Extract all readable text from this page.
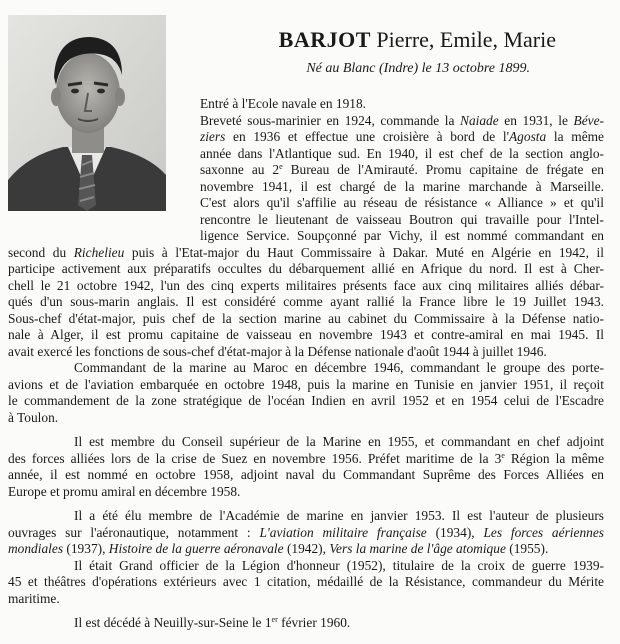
BARJOT Pierre, Emile, Marie
Né au Blanc (Indre) le 13 octobre 1899.
Entré à l'Ecole navale en 1918.
Breveté sous-marinier en 1924, commande la Naiade en 1931, le Béve-
ziers en 1936 et effectue une croisière à bord de l'Agosta la même
année dans l'Atlantique sud. En 1940, il est chef de la section anglo-
saxonne au 2e Bureau de l'Amirauté. Promu capitaine de frégate en
novembre 1941, il est chargé de la marine marchande à Marseille.
C'est alors qu'il s'affilie au réseau de résistance « Alliance » et qu'il
rencontre le lieutenant de vaisseau Boutron qui travaille pour l'Intel-
ligence Service. Soupçonné par Vichy, il est nommé commandant en
second du Richelieu puis à l'Etat-major du Haut Commissaire à Dakar. Muté en Algérie en 1942, il
participe activement aux préparatifs occultes du débarquement allié en Afrique du nord. Il est à Cher-
chell le 21 octobre 1942, l'un des cinq experts militaires présents face aux cinq militaires alliés débar-
qués d'un sous-marin anglais. Il est considéré comme ayant rallié la France libre le 19 Juillet 1943.
Sous-chef d'état-major, puis chef de la section marine au cabinet du Commissaire à la Défense natio-
nale à Alger, il est promu capitaine de vaisseau en novembre 1943 et contre-amiral en mai 1945. Il
avait exercé les fonctions de sous-chef d'état-major à la Défense nationale d'août 1944 à juillet 1946.
Commandant de la marine au Maroc en décembre 1946, commandant le groupe des porte-
avions et de l'aviation embarquée en octobre 1948, puis la marine en Tunisie en janvier 1951, il reçoit
le commandement de la zone stratégique de l'océan Indien en avril 1952 et en 1954 celui de l'Escadre
à Toulon.
Il est membre du Conseil supérieur de la Marine en 1955, et commandant en chef adjoint
des forces alliées lors de la crise de Suez en novembre 1956. Préfet maritime de la 3e Région la même
année, il est nommé en octobre 1958, adjoint naval du Commandant Suprême des Forces Alliées en
Europe et promu amiral en décembre 1958.
Il a été élu membre de l'Académie de marine en janvier 1953. Il est l'auteur de plusieurs
ouvrages sur l'aéronautique, notamment : L'aviation militaire française (1934), Les forces aériennes
mondiales (1937), Histoire de la guerre aéronavale (1942), Vers la marine de l'âge atomique (1955).
Il était Grand officier de la Légion d'honneur (1952), titulaire de la croix de guerre 1939-
45 et théâtres d'opérations extérieurs avec 1 citation, médaillé de la Résistance, commandeur du Mérite
maritime.
Il est décédé à Neuilly-sur-Seine le 1er février 1960.
